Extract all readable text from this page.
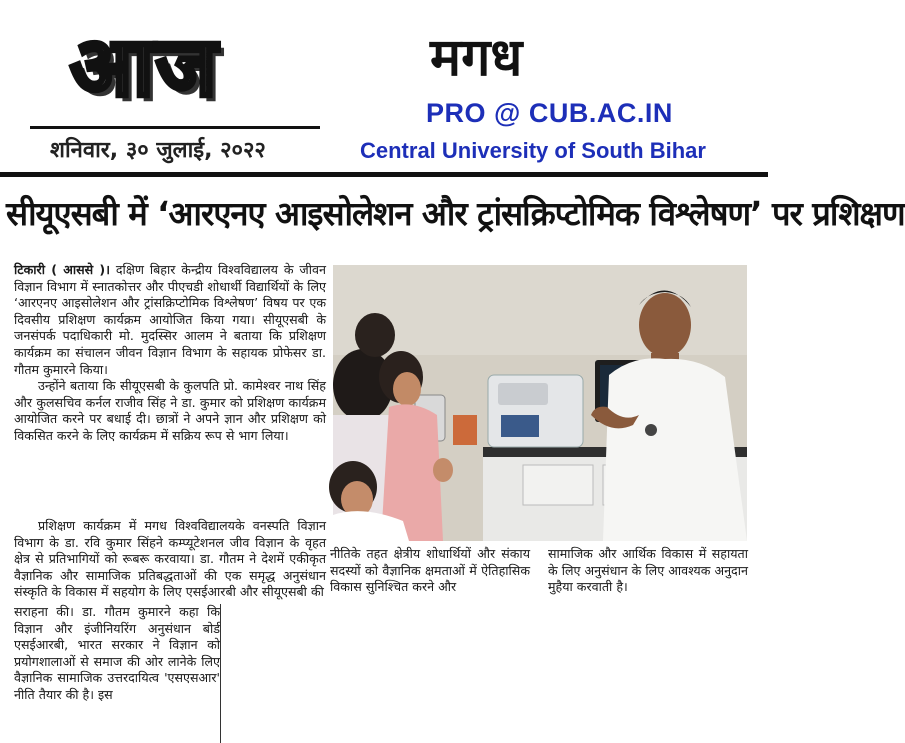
आज
शनिवार, ३० जुलाई, २०२२
मगध
PRO @ CUB.AC.IN
Central University of South Bihar
सीयूएसबी में ‘आरएनए आइसोलेशन और ट्रांसक्रिप्टोमिक विश्लेषण’ पर प्रशिक्षण

टिकारी ( आससे )। दक्षिण बिहार केन्द्रीय विश्वविद्यालय के जीवन विज्ञान विभाग में स्नातकोत्तर और पीएचडी शोधार्थी विद्यार्थियों के लिए ‘आरएनए आइसोलेशन और ट्रांसक्रिप्टोमिक विश्लेषण’ विषय पर एक दिवसीय प्रशिक्षण कार्यक्रम आयोजित किया गया। सीयूएसबी के जनसंपर्क पदाधिकारी मो. मुदस्सिर आलम ने बताया कि प्रशिक्षण कार्यक्रम का संचालन जीवन विज्ञान विभाग के सहायक प्रोफेसर डा. गौतम कुमारने किया।

उन्होंने बताया कि सीयूएसबी के कुलपति प्रो. कामेश्वर नाथ सिंह और कुलसचिव कर्नल राजीव सिंह ने डा. कुमार को प्रशिक्षण कार्यक्रम आयोजित करने पर बधाई दी। छात्रों ने अपने ज्ञान और प्रशिक्षण को विकसित करने के लिए कार्यक्रम में सक्रिय रूप से भाग लिया।

प्रशिक्षण कार्यक्रम में मगध विश्वविद्यालयके वनस्पति विज्ञान विभाग के डा. रवि कुमार सिंहने कम्प्यूटेशनल जीव विज्ञान के वृहत क्षेत्र से प्रतिभागियों को रूबरू करवाया। डा. गौतम ने देशमें एकीकृत वैज्ञानिक और सामाजिक प्रतिबद्धताओं की एक समृद्ध अनुसंधान संस्कृति के विकास में सहयोग के लिए एसईआरबी और सीयूएसबी की
सराहना की। डा. गौतम कुमारने कहा कि विज्ञान और इंजीनियरिंग अनुसंधान बोर्ड एसईआरबी, भारत सरकार ने विज्ञान को प्रयोगशालाओं से समाज की ओर लानेके लिए वैज्ञानिक सामाजिक उत्तरदायित्व 'एसएसआर' नीति तैयार की है। इस
नीतिके तहत क्षेत्रीय शोधार्थियों और संकाय सदस्यों को वैज्ञानिक क्षमताओं में ऐतिहासिक विकास सुनिश्चित करने और
सामाजिक और आर्थिक विकास में सहायता के लिए अनुसंधान के लिए आवश्यक अनुदान मुहैया करवाती है।
